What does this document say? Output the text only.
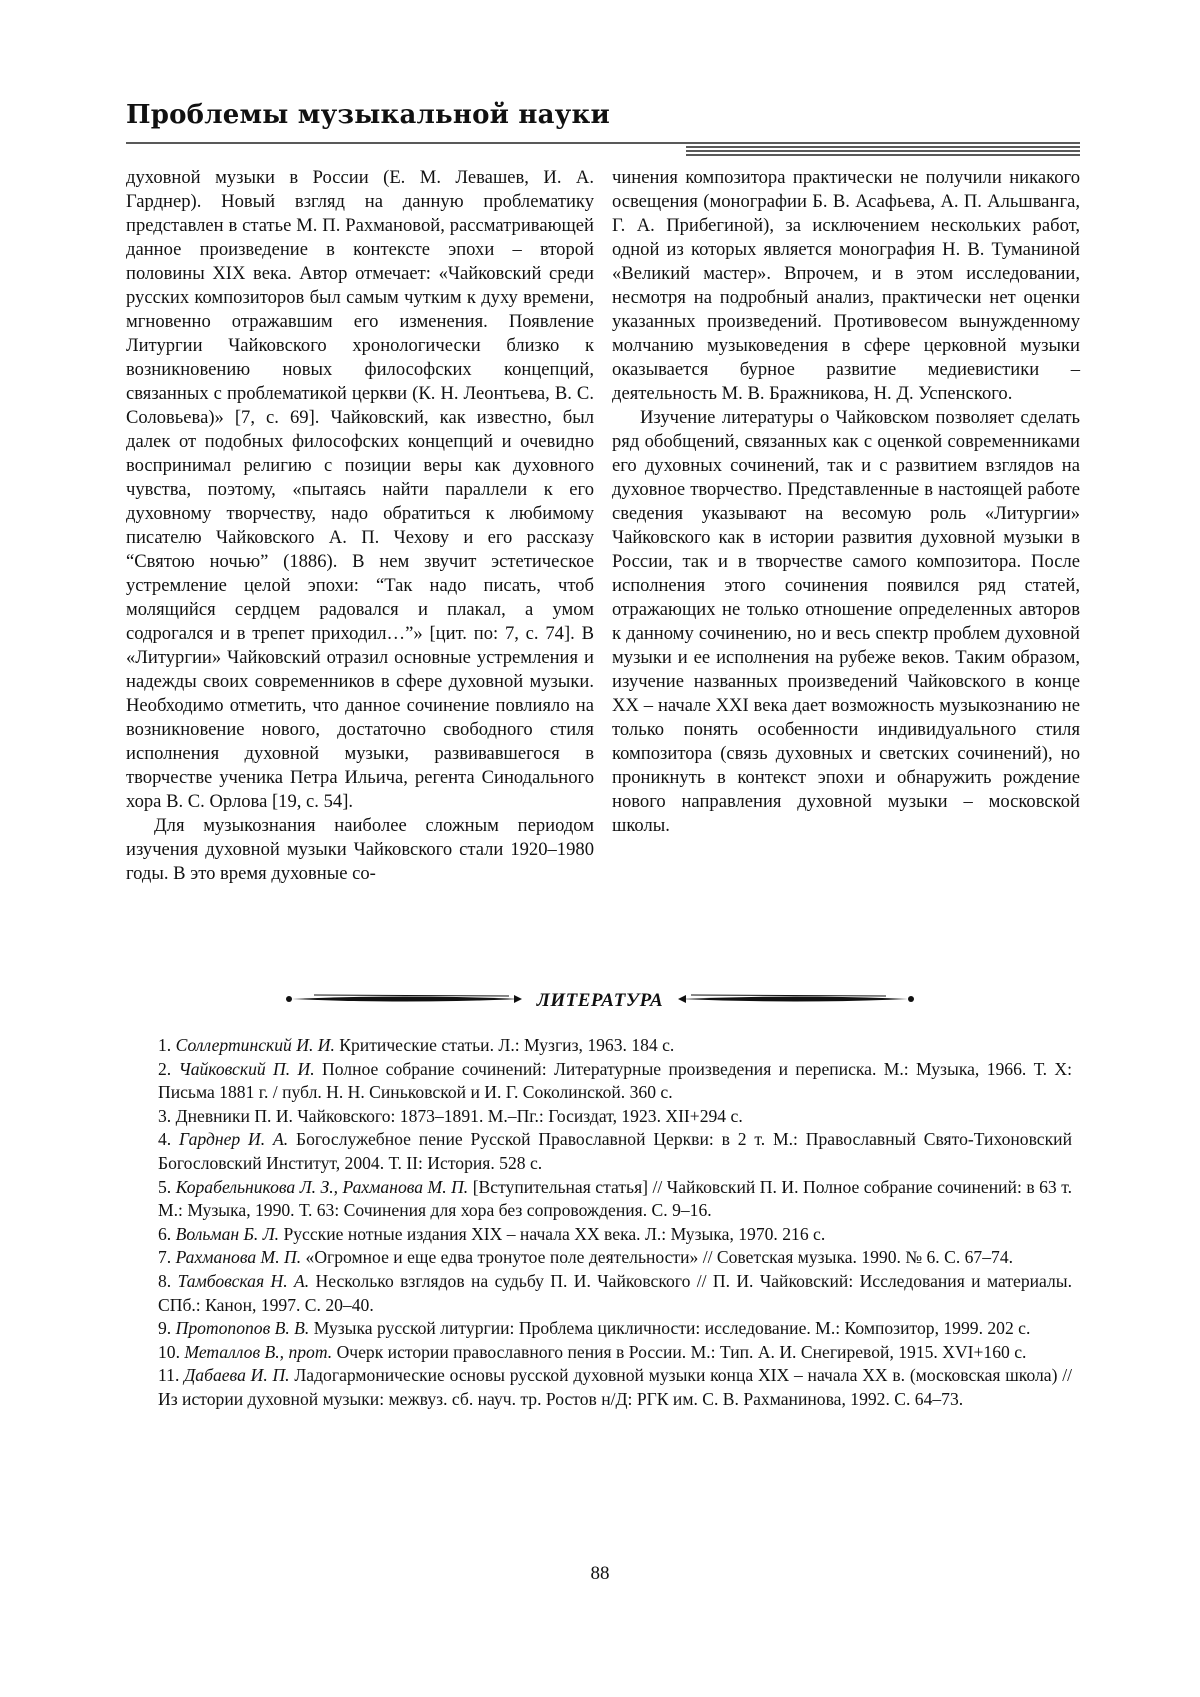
Проблемы музыкальной науки

духовной музыки в России (Е. М. Левашев, И. А. Гарднер). Новый взгляд на данную проблематику представлен в статье М. П. Рахмановой, рассматривающей данное произведение в контексте эпохи – второй половины XIX века. Автор отмечает: «Чайковский среди русских композиторов был самым чутким к духу времени, мгновенно отражавшим его изменения. Появление Литургии Чайковского хронологически близко к возникновению новых философских концепций, связанных с проблематикой церкви (К. Н. Леонтьева, В. С. Соловьева)» [7, с. 69]. Чайковский, как известно, был далек от подобных философских концепций и очевидно воспринимал религию с позиции веры как духовного чувства, поэтому, «пытаясь найти параллели к его духовному творчеству, надо обратиться к любимому писателю Чайковского А. П. Чехову и его рассказу “Святою ночью” (1886). В нем звучит эстетическое устремление целой эпохи: “Так надо писать, чтоб молящийся сердцем радовался и плакал, а умом содрогался и в трепет приходил…”» [цит. по: 7, с. 74]. В «Литургии» Чайковский отразил основные устремления и надежды своих современников в сфере духовной музыки. Необходимо отметить, что данное сочинение повлияло на возникновение нового, достаточно свободного стиля исполнения духовной музыки, развивавшегося в творчестве ученика Петра Ильича, регента Синодального хора В. С. Орлова [19, с. 54].

Для музыкознания наиболее сложным периодом изучения духовной музыки Чайковского стали 1920–1980 годы. В это время духовные со-

чинения композитора практически не получили никакого освещения (монографии Б. В. Асафьева, А. П. Альшванга, Г. А. Прибегиной), за исключением нескольких работ, одной из которых является монография Н. В. Туманиной «Великий мастер». Впрочем, и в этом исследовании, несмотря на подробный анализ, практически нет оценки указанных произведений. Противовесом вынужденному молчанию музыковедения в сфере церковной музыки оказывается бурное развитие медиевистики – деятельность М. В. Бражникова, Н. Д. Успенского.

Изучение литературы о Чайковском позволяет сделать ряд обобщений, связанных как с оценкой современниками его духовных сочинений, так и с развитием взглядов на духовное творчество. Представленные в настоящей работе сведения указывают на весомую роль «Литургии» Чайковского как в истории развития духовной музыки в России, так и в творчестве самого композитора. После исполнения этого сочинения появился ряд статей, отражающих не только отношение определенных авторов к данному сочинению, но и весь спектр проблем духовной музыки и ее исполнения на рубеже веков. Таким образом, изучение названных произведений Чайковского в конце XX – начале XXI века дает возможность музыкознанию не только понять особенности индивидуального стиля композитора (связь духовных и светских сочинений), но проникнуть в контекст эпохи и обнаружить рождение нового направления духовной музыки – московской школы.

ЛИТЕРАТУРА

1. Соллертинский И. И. Критические статьи. Л.: Музгиз, 1963. 184 с.

2. Чайковский П. И. Полное собрание сочинений: Литературные произведения и переписка. М.: Музыка, 1966. Т. X: Письма 1881 г. / публ. Н. Н. Синьковской и И. Г. Соколинской. 360 с.

3. Дневники П. И. Чайковского: 1873–1891. М.–Пг.: Госиздат, 1923. XII+294 с.

4. Гарднер И. А. Богослужебное пение Русской Православной Церкви: в 2 т. М.: Православный Свято-Тихоновский Богословский Институт, 2004. Т. II: История. 528 с.

5. Корабельникова Л. З., Рахманова М. П. [Вступительная статья] // Чайковский П. И. Полное собрание сочинений: в 63 т. М.: Музыка, 1990. Т. 63: Сочинения для хора без сопровождения. С. 9–16.

6. Вольман Б. Л. Русские нотные издания XIX – начала XX века. Л.: Музыка, 1970. 216 с.

7. Рахманова М. П. «Огромное и еще едва тронутое поле деятельности» // Советская музыка. 1990. № 6. С. 67–74.

8. Тамбовская Н. А. Несколько взглядов на судьбу П. И. Чайковского // П. И. Чайковский: Исследования и материалы. СПб.: Канон, 1997. С. 20–40.

9. Протопопов В. В. Музыка русской литургии: Проблема цикличности: исследование. М.: Композитор, 1999. 202 с.

10. Металлов В., прот. Очерк истории православного пения в России. М.: Тип. А. И. Снегиревой, 1915. XVI+160 с.

11. Дабаева И. П. Ладогармонические основы русской духовной музыки конца XIX – начала XX в. (московская школа) // Из истории духовной музыки: межвуз. сб. науч. тр. Ростов н/Д: РГК им. С. В. Рахманинова, 1992. С. 64–73.

88
